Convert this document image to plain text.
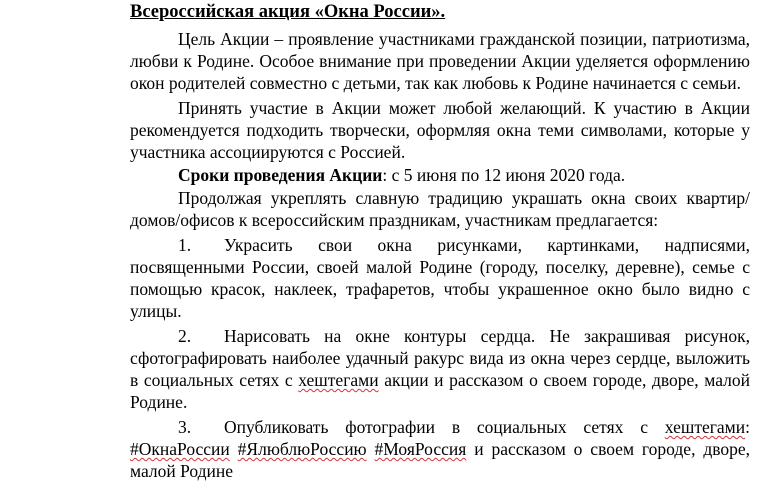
Всероссийская акция «Окна России».

Цель Акции – проявление участниками гражданской позиции, патриотизма, любви к Родине. Особое внимание при проведении Акции уделяется оформлению окон родителей совместно с детьми, так как любовь к Родине начинается с семьи.

Принять участие в Акции может любой желающий. К участию в Акции рекомендуется подходить творчески, оформляя окна теми символами, которые у участника ассоциируются с Россией.

Сроки проведения Акции: с 5 июня по 12 июня 2020 года.

Продолжая укреплять славную традицию украшать окна своих квартир/домов/офисов к всероссийским праздникам, участникам предлагается:

1. Украсить свои окна рисунками, картинками, надписями, посвященными России, своей малой Родине (городу, поселку, деревне), семье с помощью красок, наклеек, трафаретов, чтобы украшенное окно было видно с улицы.

2. Нарисовать на окне контуры сердца. Не закрашивая рисунок, сфотографировать наиболее удачный ракурс вида из окна через сердце, выложить в социальных сетях с хештегами акции и рассказом о своем городе, дворе, малой Родине.

3. Опубликовать фотографии в социальных сетях с хештегами: #ОкнаРоссии #ЯлюблюРоссию #МояРоссия и рассказом о своем городе, дворе, малой Родине
